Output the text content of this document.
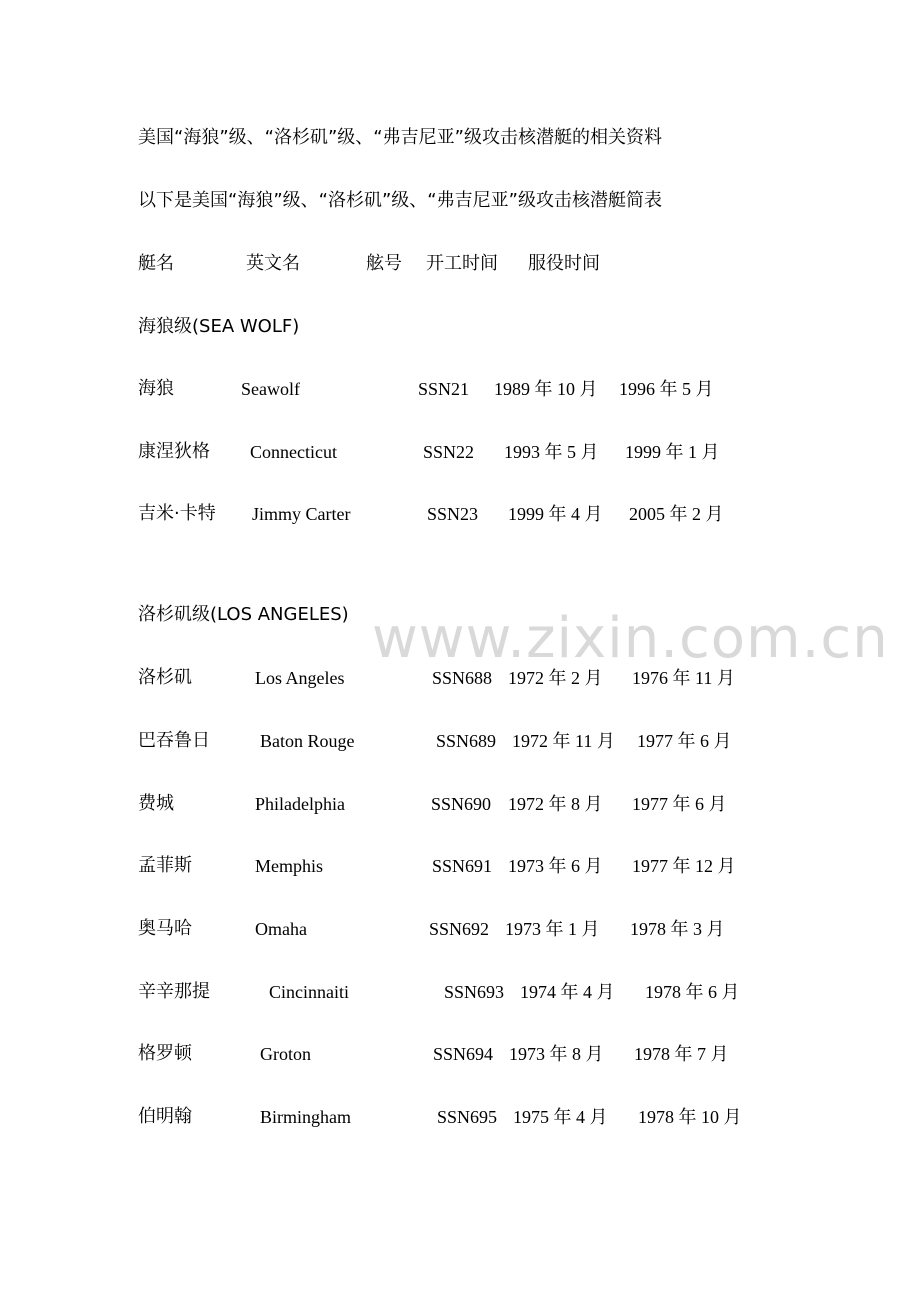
美国“海狼”级、“洛杉矶”级、“弗吉尼亚”级攻击核潜艇的相关资料
以下是美国“海狼”级、“洛杉矶”级、“弗吉尼亚”级攻击核潜艇简表
艇名	英文名	舷号 开工时间 服役时间
海狼级(SEA WOLF)
海狼	Seawolf	SSN21 1989 年 10 月 1996 年 5 月
康涅狄格 Connecticut	SSN22 1993 年 5 月 1999 年 1 月
吉米·卡特 Jimmy Carter	SSN23 1999 年 4 月 2005 年 2 月
洛杉矶级(LOS ANGELES)
洛杉矶	Los Angeles	SSN688 1972 年 2 月 1976 年 11 月
巴吞鲁日	Baton Rouge	SSN689 1972 年 11 月 1977 年 6 月
费城	Philadelphia	SSN690 1972 年 8 月 1977 年 6 月
孟菲斯	Memphis	SSN691 1973 年 6 月 1977 年 12 月
奥马哈	Omaha	SSN692 1973 年 1 月 1978 年 3 月
辛辛那提	Cincinnaiti	SSN693 1974 年 4 月 1978 年 6 月
格罗顿	Groton	SSN694 1973 年 8 月 1978 年 7 月
伯明翰	Birmingham	SSN695 1975 年 4 月 1978 年 10 月
www.zixin.com.cn
